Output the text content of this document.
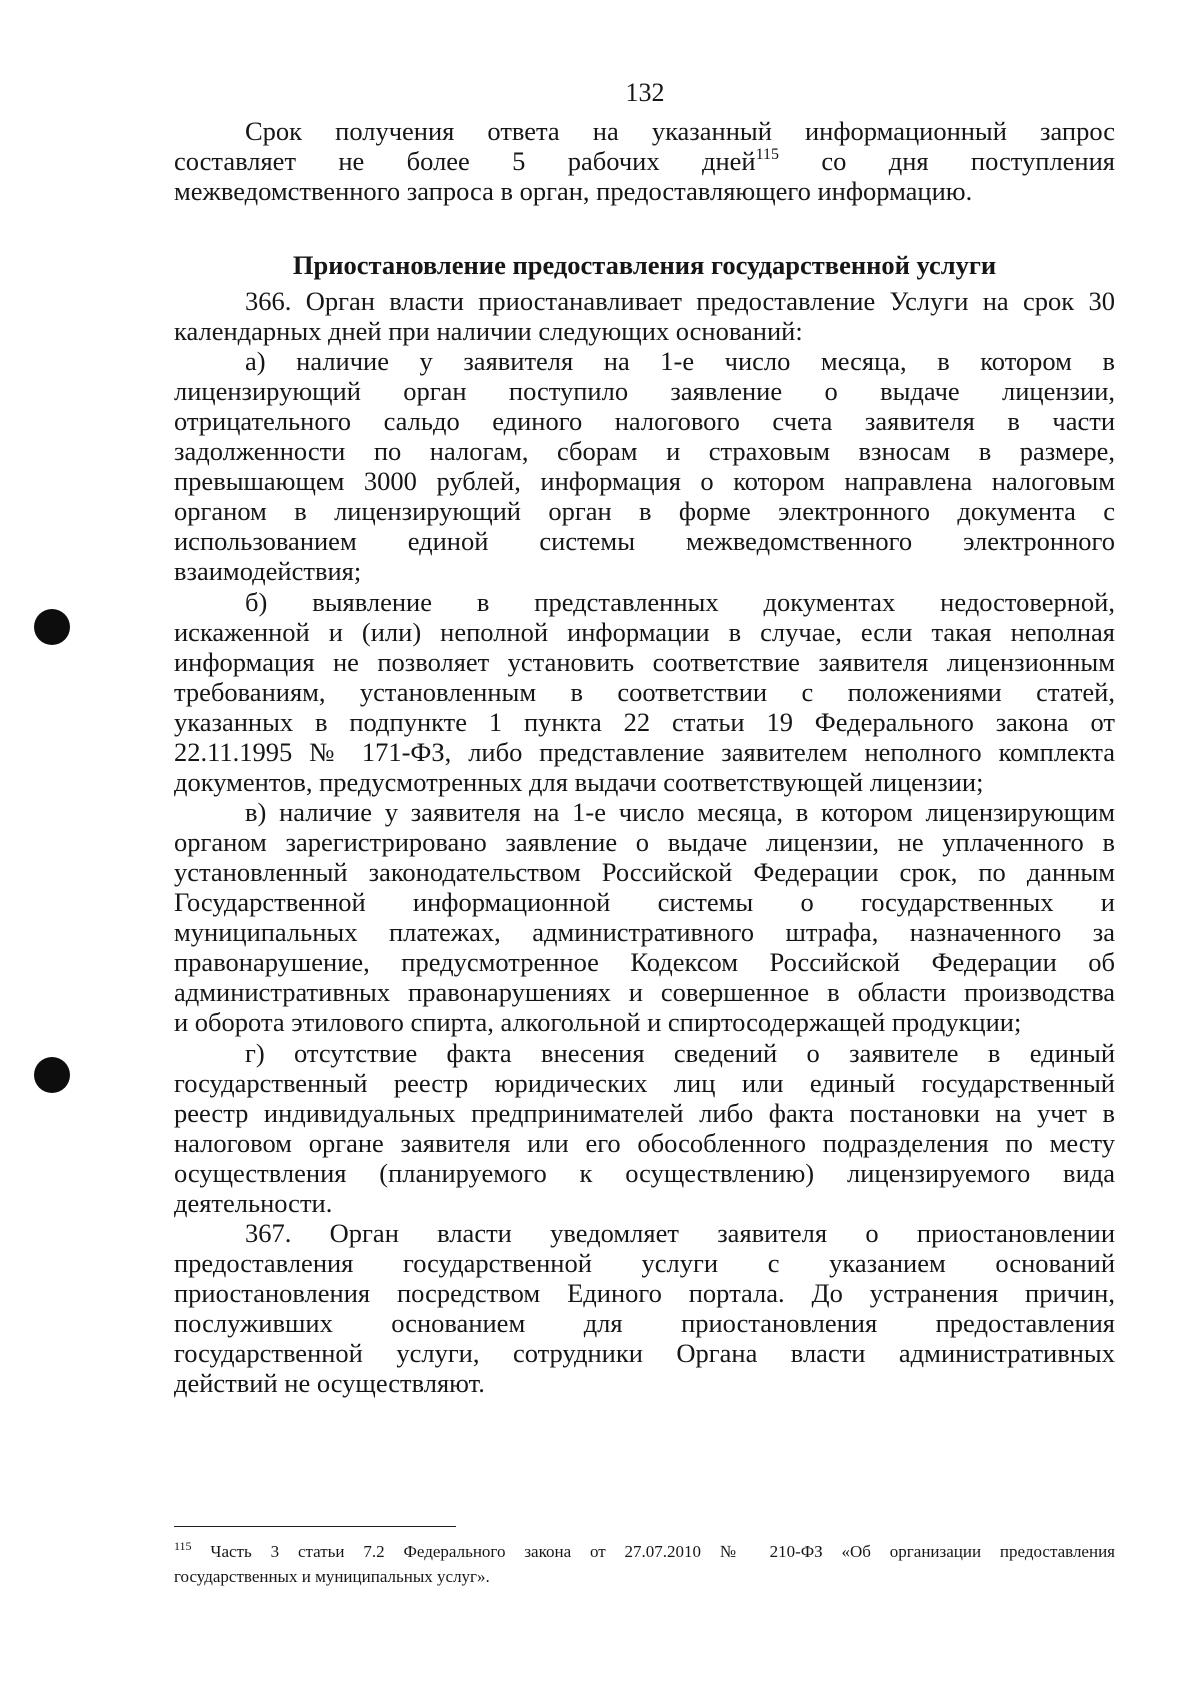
132
Срок получения ответа на указанный информационный запрос
составляет не более 5 рабочих дней$^{115}$ со дня поступления
межведомственного запроса в орган, предоставляющего информацию.
Приостановление предоставления государственной услуги
366. Орган власти приостанавливает предоставление Услуги на срок 30
календарных дней при наличии следующих оснований:
а) наличие у заявителя на 1-е число месяца, в котором в
лицензирующий орган поступило заявление о выдаче лицензии,
отрицательного сальдо единого налогового счета заявителя в части
задолженности по налогам, сборам и страховым взносам в размере,
превышающем 3000 рублей, информация о котором направлена налоговым
органом в лицензирующий орган в форме электронного документа с
использованием единой системы межведомственного электронного
взаимодействия;
б) выявление в представленных документах недостоверной,
искаженной и (или) неполной информации в случае, если такая неполная
информация не позволяет установить соответствие заявителя лицензионным
требованиям, установленным в соответствии с положениями статей,
указанных в подпункте 1 пункта 22 статьи 19 Федерального закона от
22.11.1995 № 171-ФЗ, либо представление заявителем неполного комплекта
документов, предусмотренных для выдачи соответствующей лицензии;
в) наличие у заявителя на 1-е число месяца, в котором лицензирующим
органом зарегистрировано заявление о выдаче лицензии, не уплаченного в
установленный законодательством Российской Федерации срок, по данным
Государственной информационной системы о государственных и
муниципальных платежах, административного штрафа, назначенного за
правонарушение, предусмотренное Кодексом Российской Федерации об
административных правонарушениях и совершенное в области производства
и оборота этилового спирта, алкогольной и спиртосодержащей продукции;
г) отсутствие факта внесения сведений о заявителе в единый
государственный реестр юридических лиц или единый государственный
реестр индивидуальных предпринимателей либо факта постановки на учет в
налоговом органе заявителя или его обособленного подразделения по месту
осуществления (планируемого к осуществлению) лицензируемого вида
деятельности.
367. Орган власти уведомляет заявителя о приостановлении
предоставления государственной услуги с указанием оснований
приостановления посредством Единого портала. До устранения причин,
послуживших основанием для приостановления предоставления
государственной услуги, сотрудники Органа власти административных
действий не осуществляют.
$^{115}$ Часть 3 статьи 7.2 Федерального закона от 27.07.2010 № 210-ФЗ «Об организации предоставления
государственных и муниципальных услуг».
